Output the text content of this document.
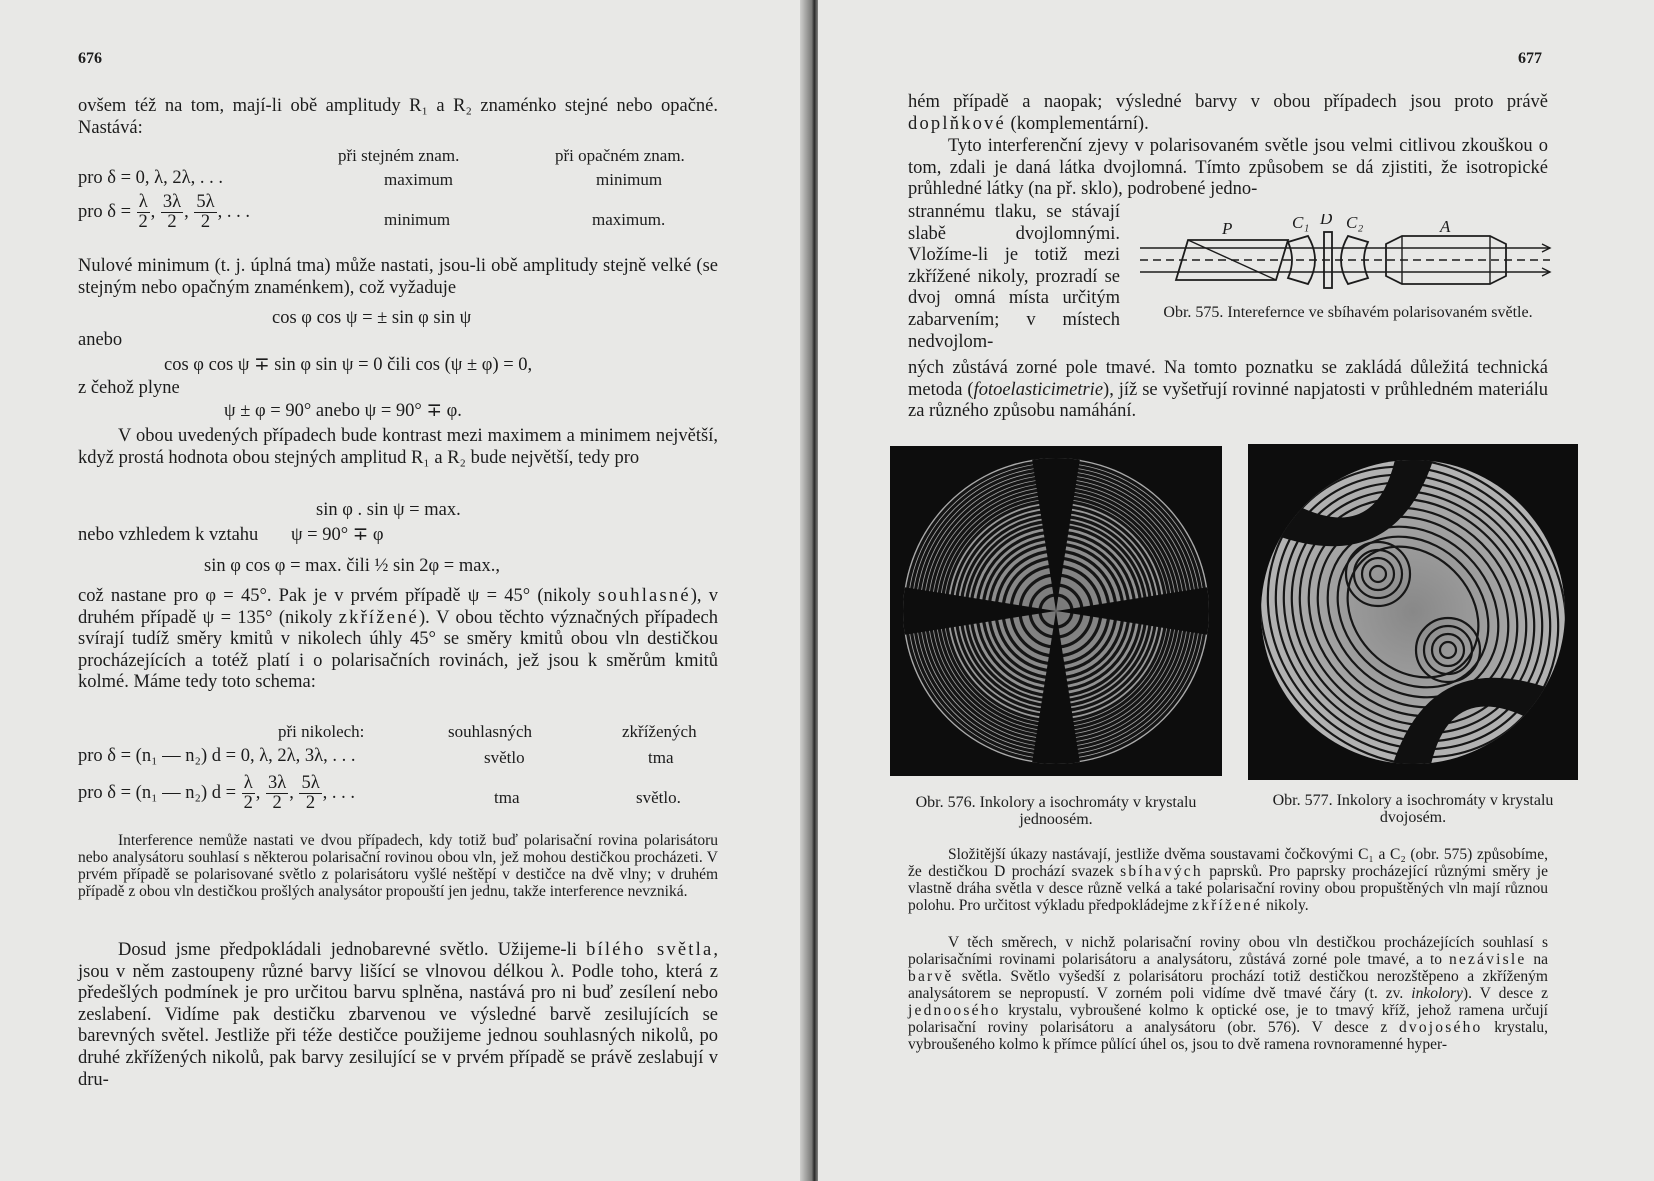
676
ovšem též na tom, mají-li obě amplitudy R₁ a R₂ znaménko stejné nebo opačné. Nastává:
při stejném znam.	při opačném znam.
pro δ = 0, λ, 2λ, . . .	maximum	minimum
pro $\delta = \frac{\lambda}{2}$ , $\frac{3\lambda}{2}$ , $\frac{5\lambda}{2}$ , . . .	minimum	maximum.
Nulové minimum (t. j. úplná tma) může nastati, jsou-li obě amplitudy stejně velké (se stejným nebo opačným znaménkem), což vyžaduje
cos φ cos ψ = ± sin φ sin ψ
anebo
cos φ cos ψ ∓ sin φ sin ψ = 0 čili cos (ψ ± φ) = 0,
z čehož plyne
ψ ± φ = 90° anebo ψ = 90° ∓ φ.
V obou uvedených případech bude kontrast mezi maximem a minimem největší, když prostá hodnota obou stejných amplitud R₁ a R₂ bude největší, tedy pro
sin φ . sin ψ = max.
nebo vzhledem k vztahu ψ = 90° ∓ φ
sin φ cos φ = max. čili ½ sin 2φ = max.,
což nastane pro φ = 45°. Pak je v prvém případě ψ = 45° (nikoly souhlasné), v druhém případě ψ = 135° (nikoly zkřížené). V obou těchto význačných případech svírají tudíž směry kmitů v nikolech úhly 45° se směry kmitů obou vln destičkou procházejících a totéž platí i o polarisačních rovinách, jež jsou k směrům kmitů kolmé. Máme tedy toto schema:
při nikolech:	souhlasných	zkřížených
pro δ = (n₁ — n₂) d = 0, λ, 2λ, 3λ, . . .	světlo	tma
pro δ = (n₁ — n₂) $d = \frac{\lambda}{2}$ , $\frac{3\lambda}{2}$ , $\frac{5\lambda}{2}$ , . . .	tma	světlo.
Interference nemůže nastati ve dvou případech, kdy totiž buď polarisační rovina polarisátoru nebo analysátoru souhlasí s některou polarisační rovinou obou vln, jež mohou destičkou procházeti. V prvém případě se polarisované světlo z polarisátoru vyšlé neštěpí v destičce na dvě vlny; v druhém případě z obou vln destičkou prošlých analysátor propouští jen jednu, takže interference nevzniká.
Dosud jsme předpokládali jednobarevné světlo. Užijeme-li bílého světla, jsou v něm zastoupeny různé barvy lišící se vlnovou délkou λ. Podle toho, která z předešlých podmínek je pro určitou barvu splněna, nastává pro ni buď zesílení nebo zeslabení. Vidíme pak destičku zbarvenou ve výsledné barvě zesilujících se barevných světel. Jestliže při téže destičce použijeme jednou souhlasných nikolů, po druhé zkřížených nikolů, pak barvy zesilující se v prvém případě se právě zeslabují v dru-
677
hém případě a naopak; výsledné barvy v obou případech jsou proto právě doplňkové (komplementární).
Tyto interferenční zjevy v polarisovaném světle jsou velmi citlivou zkouškou o tom, zdali je daná látka dvojlomná. Tímto způsobem se dá zjistiti, že isotropické průhledné látky (na př. sklo), podrobené jedno-
strannému tlaku, se stávají slabě dvojlomnými. Vložíme-li je totiž mezi zkřížené nikoly, prozradí se dvoj omná místa určitým zabarvením; v místech nedvojlom-
ných zůstává zorné pole tmavé. Na tomto poznatku se zakládá důležitá technická metoda (fotoelasticimetrie), jíž se vyšetřují rovinné napjatosti v průhledném materiálu za různého způsobu namáhání.
P	C₁ D C₂	A
Obr. 575. Interefernce ve sbíhavém polarisovaném světle.
Obr. 576. Inkolory a isochromáty v krystalu jednoosém.
Obr. 577. Inkolory a isochromáty v krystalu dvojosém.
Složitější úkazy nastávají, jestliže dvěma soustavami čočkovými C₁ a C₂ (obr. 575) způsobíme, že destičkou D prochází svazek sbíhavých paprsků. Pro paprsky procházející různými směry je vlastně dráha světla v desce různě velká a také polarisační roviny obou propuštěných vln mají různou polohu. Pro určitost výkladu předpokládejme zkřížené nikoly.
V těch směrech, v nichž polarisační roviny obou vln destičkou procházejících souhlasí s polarisačními rovinami polarisátoru a analysátoru, zůstává zorné pole tmavé, a to nezávisle na barvě světla. Světlo vyšedší z polarisátoru prochází totiž destičkou nerozštěpeno a zkříženým analysátorem se nepropustí. V zorném poli vidíme dvě tmavé čáry (t. zv. inkolory). V desce z jednoosého krystalu, vybroušené kolmo k optické ose, je to tmavý kříž, jehož ramena určují polarisační roviny polarisátoru a analysátoru (obr. 576). V desce z dvojosého krystalu, vybroušeného kolmo k přímce půlící úhel os, jsou to dvě ramena rovnoramenné hyper-
